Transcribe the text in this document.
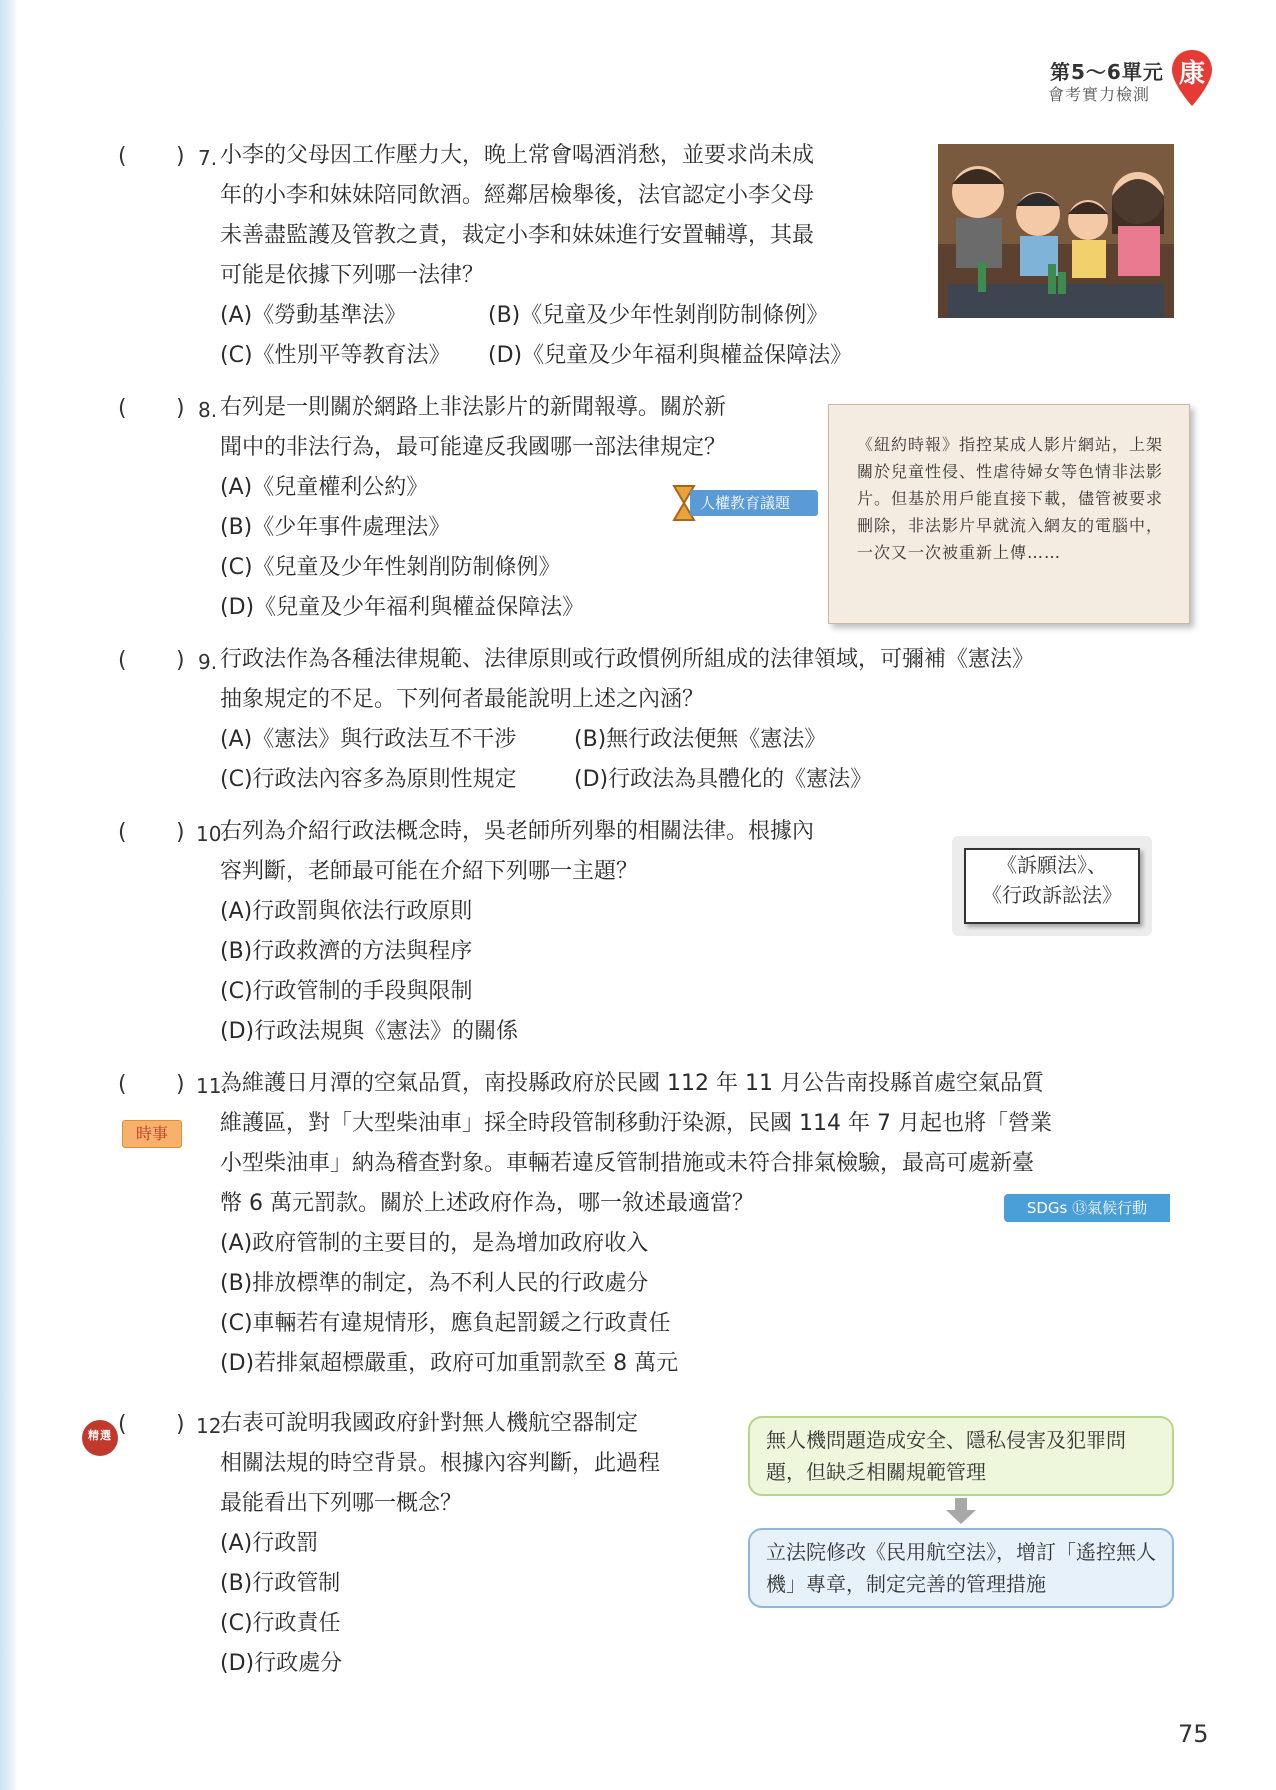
第5～6單元
會考實力檢測
康
( ) 7. 小李的父母因工作壓力大，晚上常會喝酒消愁，並要求尚未成
年的小李和妹妹陪同飲酒。經鄰居檢舉後，法官認定小李父母
未善盡監護及管教之責，裁定小李和妹妹進行安置輔導，其最
可能是依據下列哪一法律？
(A)《勞動基準法》	(B)《兒童及少年性剝削防制條例》
(C)《性別平等教育法》 (D)《兒童及少年福利與權益保障法》
( ) 8. 右列是一則關於網路上非法影片的新聞報導。關於新
聞中的非法行為，最可能違反我國哪一部法律規定？
(A)《兒童權利公約》
(B)《少年事件處理法》
(C)《兒童及少年性剝削防制條例》
(D)《兒童及少年福利與權益保障法》
人權教育議題
《紐約時報》指控某成人影片網站，上架關於兒童性侵、性虐待婦女等色情非法影片。但基於用戶能直接下載，儘管被要求刪除，非法影片早就流入網友的電腦中，一次又一次被重新上傳……
( ) 9. 行政法作為各種法律規範、法律原則或行政慣例所組成的法律領域，可彌補《憲法》
抽象規定的不足。下列何者最能說明上述之內涵？
(A)《憲法》與行政法互不干涉	(B)無行政法便無《憲法》
(C)行政法內容多為原則性規定	(D)行政法為具體化的《憲法》
( ) 10.
右列為介紹行政法概念時，吳老師所列舉的相關法律。根據內
容判斷，老師最可能在介紹下列哪一主題？
(A)行政罰與依法行政原則
(B)行政救濟的方法與程序
(C)行政管制的手段與限制
(D)行政法規與《憲法》的關係
《訴願法》、
《行政訴訟法》
( ) 11.
時事
為維護日月潭的空氣品質，南投縣政府於民國 112 年 11 月公告南投縣首處空氣品質
維護區，對「大型柴油車」採全時段管制移動汙染源，民國 114 年 7 月起也將「營業
小型柴油車」納為稽查對象。車輛若違反管制措施或未符合排氣檢驗，最高可處新臺
幣 6 萬元罰款。關於上述政府作為，哪一敘述最適當？	SDGs ⑬氣候行動
(A)政府管制的主要目的，是為增加政府收入
(B)排放標準的制定，為不利人民的行政處分
(C)車輛若有違規情形，應負起罰鍰之行政責任
(D)若排氣超標嚴重，政府可加重罰款至 8 萬元
精選 ( ) 12.
右表可說明我國政府針對無人機航空器制定
相關法規的時空背景。根據內容判斷，此過程
最能看出下列哪一概念？
(A)行政罰
(B)行政管制
(C)行政責任
(D)行政處分
無人機問題造成安全、隱私侵害及犯罪問題，但缺乏相關規範管理
立法院修改《民用航空法》，增訂「遙控無人機」專章，制定完善的管理措施
75
